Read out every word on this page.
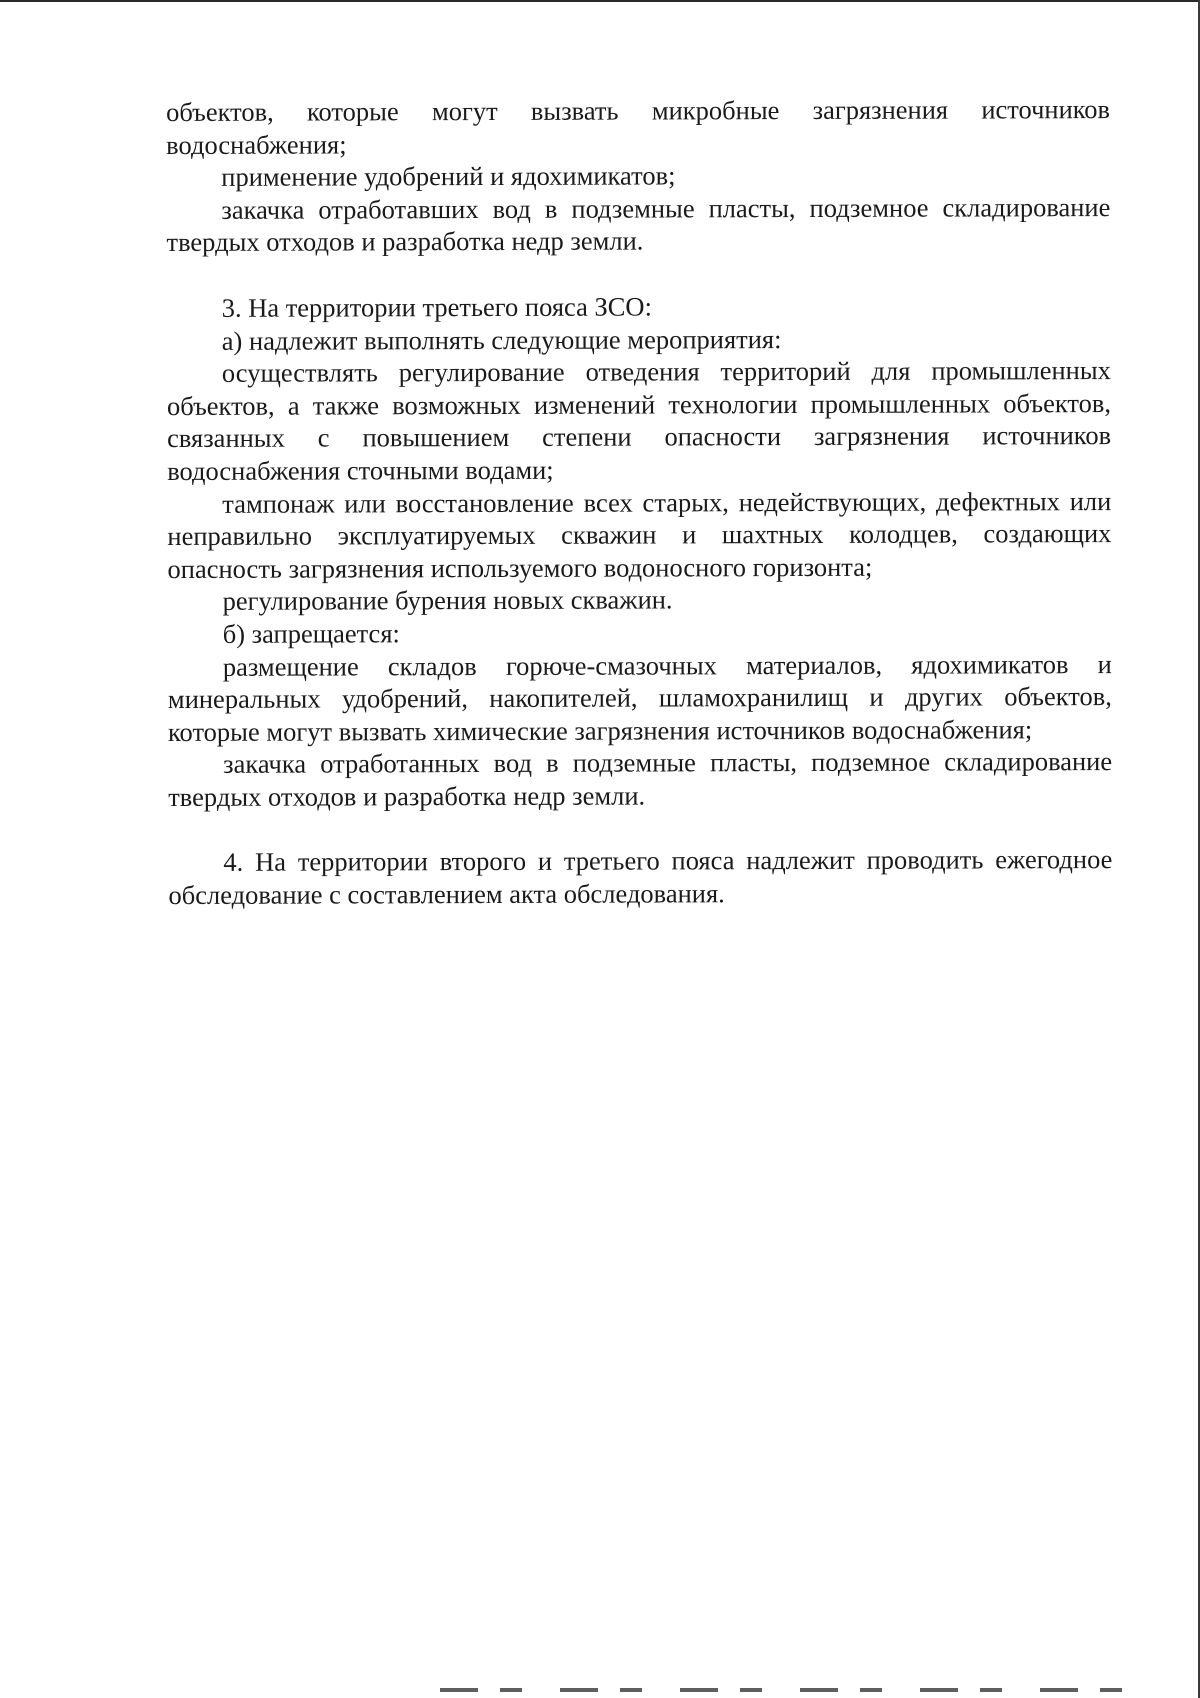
объектов, которые могут вызвать микробные загрязнения источников водоснабжения;

применение удобрений и ядохимикатов;

закачка отработавших вод в подземные пласты, подземное складирование твердых отходов и разработка недр земли.

3. На территории третьего пояса ЗСО:

а) надлежит выполнять следующие мероприятия:

осуществлять регулирование отведения территорий для промышленных объектов, а также возможных изменений технологии промышленных объектов, связанных с повышением степени опасности загрязнения источников водоснабжения сточными водами;

тампонаж или восстановление всех старых, недействующих, дефектных или неправильно эксплуатируемых скважин и шахтных колодцев, создающих опасность загрязнения используемого водоносного горизонта;

регулирование бурения новых скважин.

б) запрещается:

размещение складов горюче-смазочных материалов, ядохимикатов и минеральных удобрений, накопителей, шламохранилищ и других объектов, которые могут вызвать химические загрязнения источников водоснабжения;

закачка отработанных вод в подземные пласты, подземное складирование твердых отходов и разработка недр земли.

4. На территории второго и третьего пояса надлежит проводить ежегодное обследование с составлением акта обследования.
